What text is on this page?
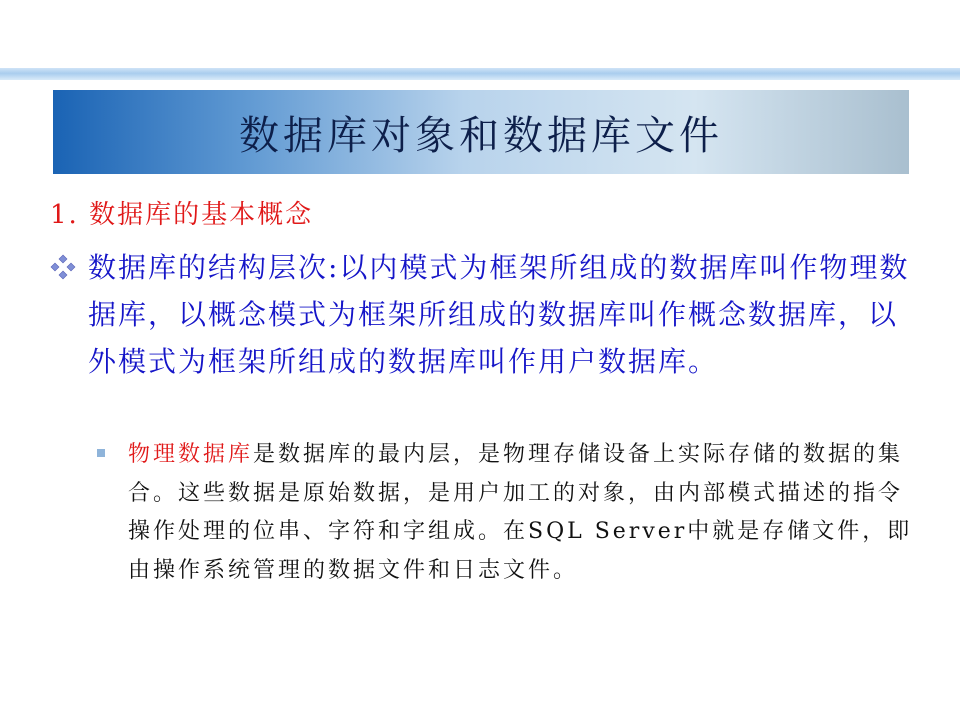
数据库对象和数据库文件
1. 数据库的基本概念
数据库的结构层次:以内模式为框架所组成的数据库叫作物理数据库，以概念模式为框架所组成的数据库叫作概念数据库，以外模式为框架所组成的数据库叫作用户数据库。
物理数据库是数据库的最内层，是物理存储设备上实际存储的数据的集合。这些数据是原始数据，是用户加工的对象，由内部模式描述的指令操作处理的位串、字符和字组成。在SQL Server中就是存储文件，即由操作系统管理的数据文件和日志文件。
